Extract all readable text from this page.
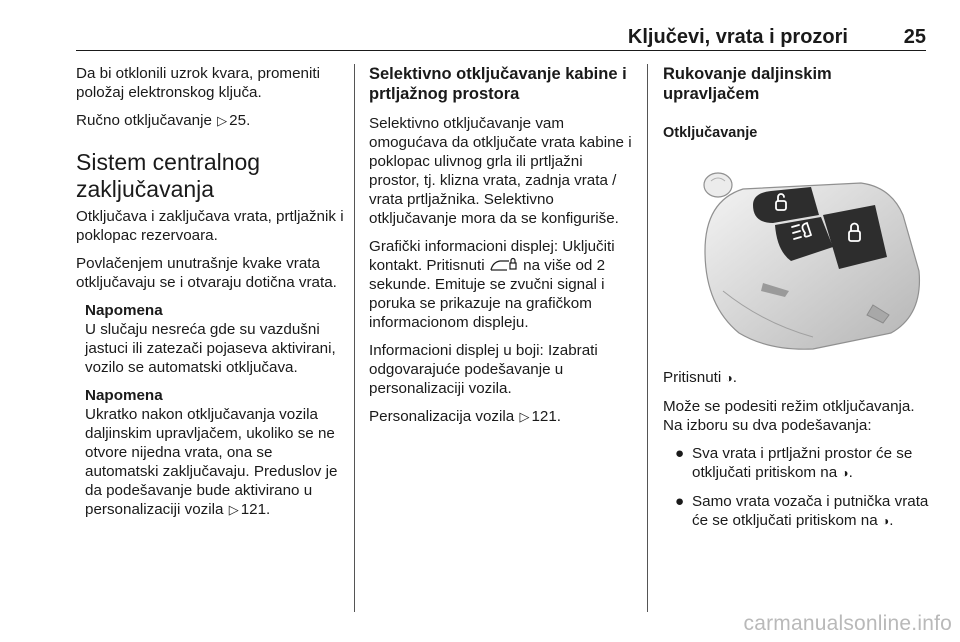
Ključevi, vrata i prozori	25

Da bi otklonili uzrok kvara, promeniti položaj elektronskog ključa.

Ručno otključavanje ▷ 25.

Sistem centralnog zaključavanja

Otključava i zaključava vrata, prtljažnik i poklopac rezervoara.

Povlačenjem unutrašnje kvake vrata otključavaju se i otvaraju dotična vrata.

Napomena
U slučaju nesreća gde su vazdušni jastuci ili zatezači pojaseva aktivirani, vozilo se automatski otključava.

Napomena
Ukratko nakon otključavanja vozila daljinskim upravljačem, ukoliko se ne otvore nijedna vrata, ona se automatski zaključavaju. Preduslov je da podešavanje bude aktivirano u personalizaciji vozila ▷ 121.

Selektivno otključavanje kabine i prtljažnog prostora

Selektivno otključavanje vam omogućava da otključate vrata kabine i poklopac ulivnog grla ili prtljažni prostor, tj. klizna vrata, zadnja vrata / vrata prtljažnika. Selektivno otključavanje mora da se konfiguriše.

Grafički informacioni displej: Uključiti kontakt. Pritisnuti	na više od 2 sekunde. Emituje se zvučni signal i poruka se prikazuje na grafičkom informacionom displeju.

Informacioni displej u boji: Izabrati odgovarajuće podešavanje u personalizaciji vozila.

Personalizacija vozila ▷ 121.

Rukovanje daljinskim upravljačem
Otključavanje

Pritisnuti ◑.

Može se podesiti režim otključavanja. Na izboru su dva podešavanja:

● Sva vrata i prtljažni prostor će se otključati pritiskom na ◑.
● Samo vrata vozača i putnička vrata će se otključati pritiskom na ◑.
carmanualsonline.info
